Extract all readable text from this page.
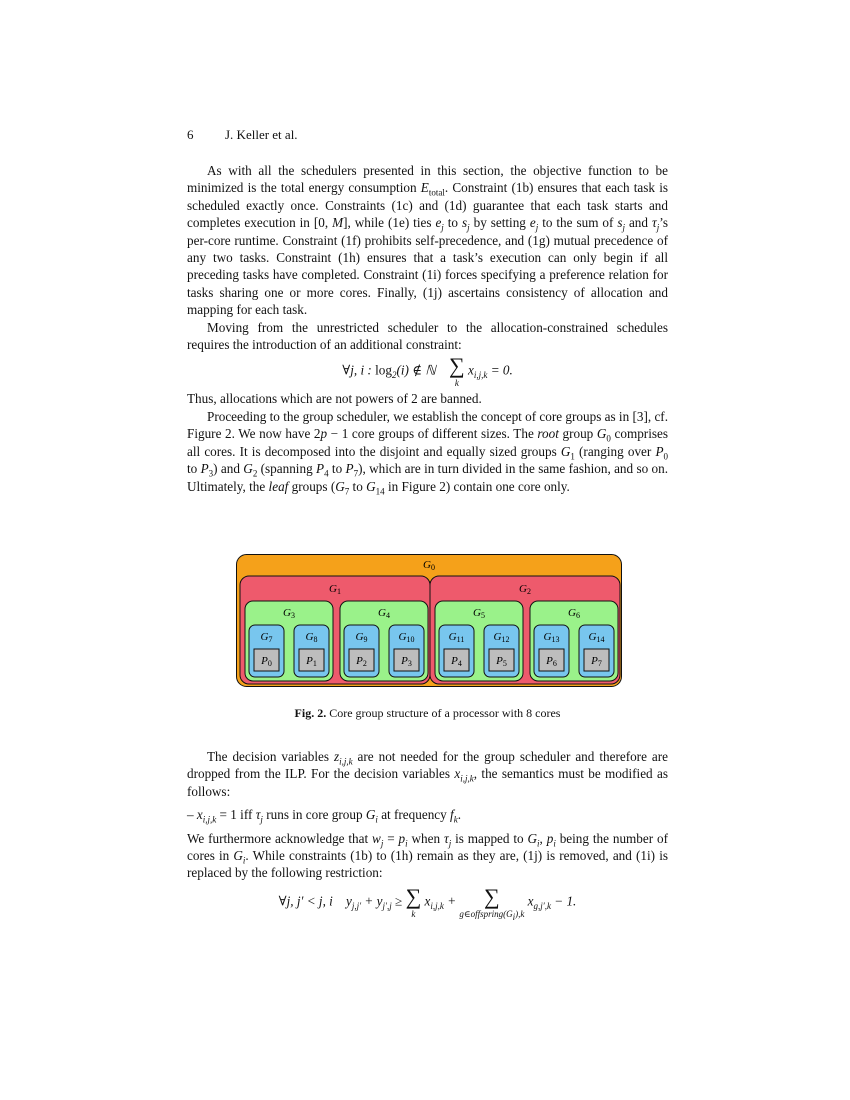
6 J. Keller et al.

As with all the schedulers presented in this section, the objective function to be minimized is the total energy consumption $E_{total}$. Constraint (1b) ensures that each task is scheduled exactly once. Constraints (1c) and (1d) guarantee that each task starts and completes execution in [0, M], while (1e) ties $e_j$ to $s_j$ by setting $e_j$ to the sum of $s_j$ and $\tau_j’s$ per-core runtime. Constraint (1f) prohibits self-precedence, and (1g) mutual precedence of any two tasks. Constraint (1h) ensures that a task’s execution can only begin if all preceding tasks have completed. Constraint (1i) forces specifying a preference relation for tasks sharing one or more cores. Finally, (1j) ascertains consistency of allocation and mapping for each task.

Moving from the unrestricted scheduler to the allocation-constrained schedules requires the introduction of an additional constraint:

∀j, i : $\log_2(i)$ ∉ ℕ ∑
k
$x_{i,j,k} = 0$.

Thus, allocations which are not powers of 2 are banned.

Proceeding to the group scheduler, we establish the concept of core groups as in [3], cf. Figure 2. We now have 2p − 1 core groups of different sizes. The root group $G_0$ comprises all cores. It is decomposed into the disjoint and equally sized groups $G_1$ (ranging over $P_0$ to $P_3$) and $G_2$ (spanning $P_4$ to $P_7$), which are in turn divided in the same fashion, and so on. Ultimately, the leaf groups ($G_7$ to $G_{14}$ in Figure 2) contain one core only.

G0
G1	G2
G3	G4	G5	G6
G7
P0
G8
P1
G9
P2
G10
P3
G11
P4
G12
P5
G13
P6
G14
P7
Fig. 2. Core group structure of a processor with 8 cores

The decision variables $z_{i,j,k}$ are not needed for the group scheduler and therefore are dropped from the ILP. For the decision variables $x_{i,j,k}$, the semantics must be modified as follows:

– $x_{i,j,k} = 1$ iff $\tau_j$ runs in core group $G_i$ at frequency $f_k$.

We furthermore acknowledge that $w_j = p_i$ when $\tau_j$ is mapped to $G_i$, $p_i$ being the number of cores in $G_i$. While constraints (1b) to (1h) remain as they are, (1j) is removed, and (1i) is replaced by the following restriction:

∀j, j′ < j, i $y_{j,j'} + y_{j',j}$ ≥ ∑
k
$x_{i,j,k}$ +	∑
$g\in offspring(G_i),k$
$x_{g,j',k} - 1$.
